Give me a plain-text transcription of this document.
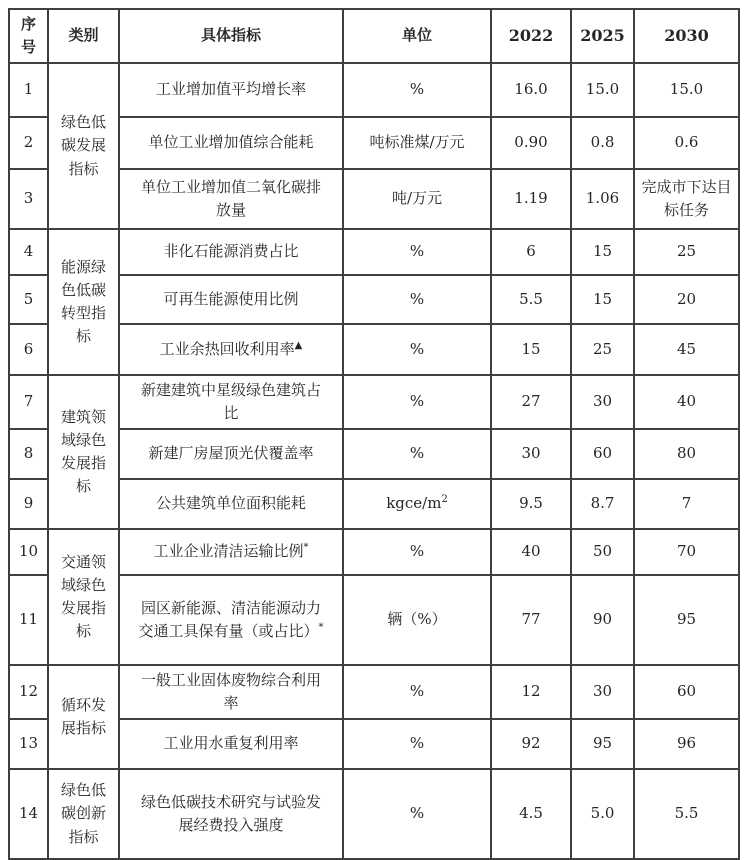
序号	类别	具体指标	单位	2022	2025	2030
1	绿色低碳发展指标	工业增加值平均增长率	%	16.0	15.0	15.0
2		单位工业增加值综合能耗	吨标准煤/万元	0.90	0.8	0.6
3		单位工业增加值二氧化碳排放量	吨/万元	1.19	1.06	完成市下达目标任务
4	能源绿色低碳转型指标	非化石能源消费占比	%	6	15	25
5		可再生能源使用比例	%	5.5	15	20
6		工业余热回收利用率▲	%	15	25	45
7	建筑领域绿色发展指标	新建建筑中星级绿色建筑占比	%	27	30	40
8		新建厂房屋顶光伏覆盖率	%	30	60	80
9		公共建筑单位面积能耗	kgce/$m^2$	9.5	8.7	7
10	交通领域绿色发展指标	工业企业清洁运输比例*	%	40	50	70
11		园区新能源、清洁能源动力交通工具保有量（或占比）*	辆（%）	77	90	95
12	循环发展指标	一般工业固体废物综合利用率	%	12	30	60
13		工业用水重复利用率	%	92	95	96
14	绿色低碳创新指标	绿色低碳技术研究与试验发展经费投入强度	%	4.5	5.0	5.5
